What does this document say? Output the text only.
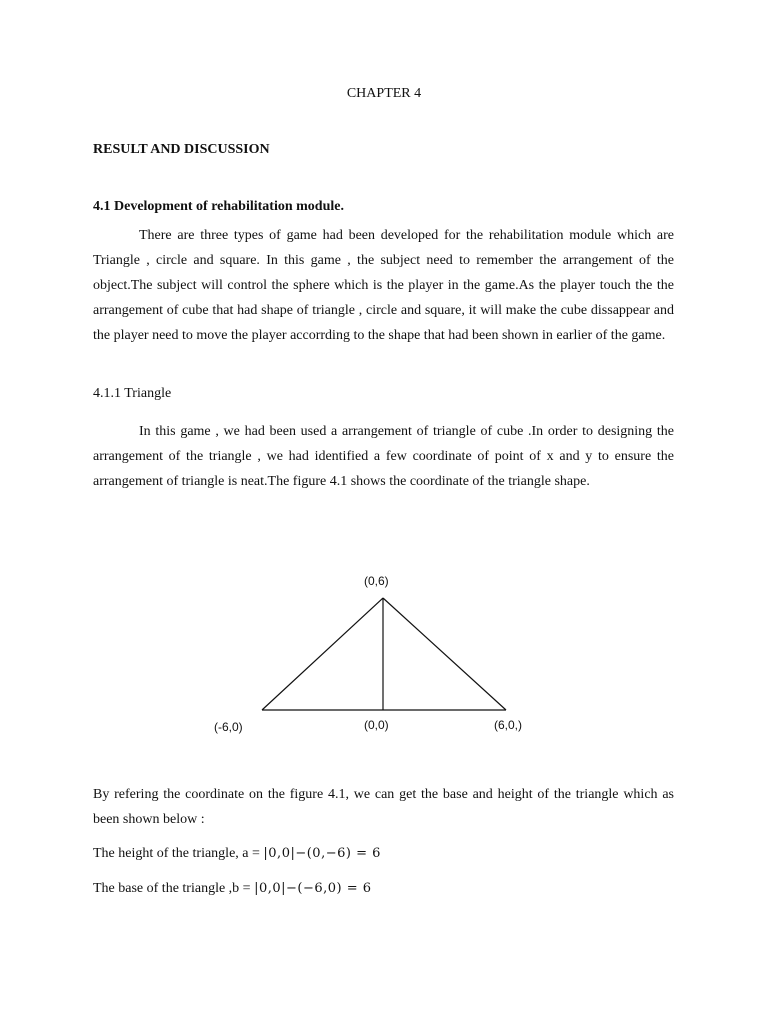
CHAPTER 4
RESULT AND DISCUSSION
4.1 Development of rehabilitation module.

There are three types of game had been developed for the rehabilitation module which are Triangle , circle and square. In this game , the subject need to remember the arrangement of the object.The subject will control the sphere which is the player in the game.As the player touch the the arrangement of cube that had shape of triangle , circle and square, it will make the cube dissappear and the player need to move the player accorrding to the shape that had been shown in earlier of the game.

4.1.1 Triangle

In this game , we had been used a arrangement of triangle of cube .In order to designing the arrangement of the triangle , we had identified a few coordinate of point of x and y to ensure the arrangement of triangle is neat.The figure 4.1 shows the coordinate of the triangle shape.

(0,6)
(-6,0)	(0,0)	(6,0,)

By refering the coordinate on the figure 4.1, we can get the base and height of the triangle which as been shown below :

The height of the triangle, a = |0,0|−(0,−6) = 6
The base of the triangle ,b = |0,0|−(−6,0) = 6
